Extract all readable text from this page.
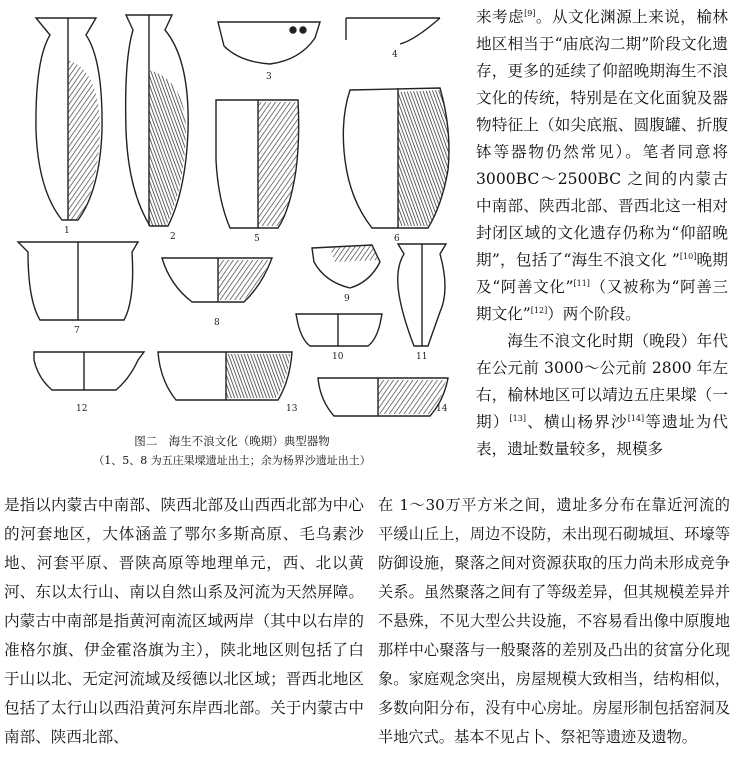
1
2
3
4
5	6
7
8
9
10	11
12	13	14
图二　海生不浪文化（晚期）典型器物
（1、5、8 为五庄果墚遗址出土；余为杨界沙遗址出土）

来考虑[9]。从文化渊源上来说，榆林地区相当于“庙底沟二期”阶段文化遗存，更多的延续了仰韶晚期海生不浪文化的传统，特别是在文化面貌及器物特征上（如尖底瓶、圆腹罐、折腹钵等器物仍然常见）。笔者同意将 3000BC～2500BC 之间的内蒙古中南部、陕西北部、晋西北这一相对封闭区域的文化遗存仍称为“仰韶晚期”，包括了“海生不浪文化 ”[10]晚期及“阿善文化”[11]（又被称为“阿善三期文化”[12]）两个阶段。

海生不浪文化时期（晚段）年代在公元前 3000～公元前 2800 年左右，榆林地区可以靖边五庄果墚（一期）[13]、横山杨界沙[14]等遗址为代表，遗址数量较多，规模多

是指以内蒙古中南部、陕西北部及山西西北部为中心的河套地区，大体涵盖了鄂尔多斯高原、毛乌素沙地、河套平原、晋陕高原等地理单元，西、北以黄河、东以太行山、南以自然山系及河流为天然屏障。内蒙古中南部是指黄河南流区域两岸（其中以右岸的准格尔旗、伊金霍洛旗为主），陕北地区则包括了白于山以北、无定河流域及绥德以北区域；晋西北地区包括了太行山以西沿黄河东岸西北部。关于内蒙古中南部、陕西北部、
在 1～30万平方米之间，遗址多分布在靠近河流的平缓山丘上，周边不设防，未出现石砌城垣、环壕等防御设施，聚落之间对资源获取的压力尚未形成竞争关系。虽然聚落之间有了等级差异，但其规模差异并不悬殊，不见大型公共设施，不容易看出像中原腹地那样中心聚落与一般聚落的差别及凸出的贫富分化现象。家庭观念突出，房屋规模大致相当，结构相似，多数向阳分布，没有中心房址。房屋形制包括窑洞及半地穴式。基本不见占卜、祭祀等遗迹及遗物。
